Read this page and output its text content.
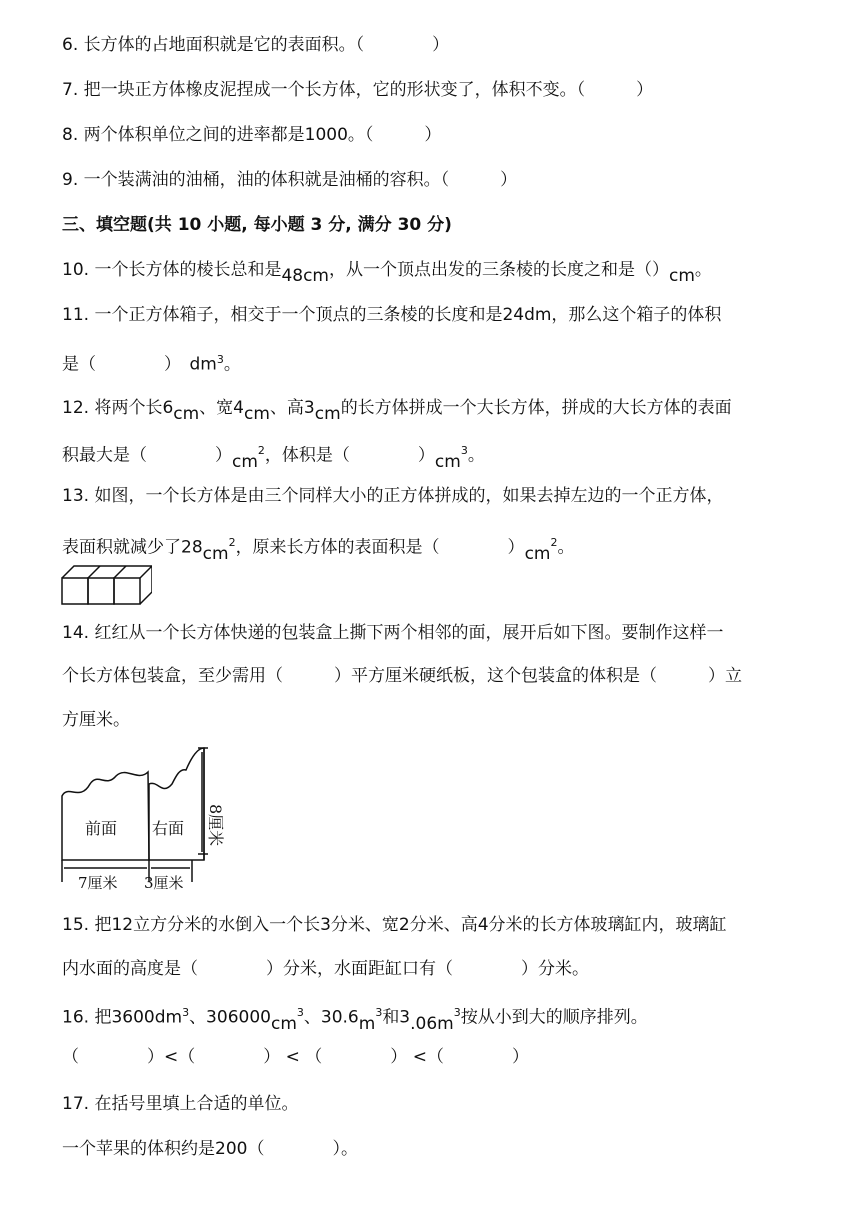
6. 长方体的占地面积就是它的表面积。（　　　　）
7. 把一块正方体橡皮泥捏成一个长方体，它的形状变了，体积不变。（　　　）
8. 两个体积单位之间的进率都是1000。（　　　）
9. 一个装满油的油桶，油的体积就是油桶的容积。（　　　）
三、填空题(共 10 小题, 每小题 3 分, 满分 30 分)
10. 一个长方体的棱长总和是48cm，从一个顶点出发的三条棱的长度之和是（）cm。
11. 一个正方体箱子，相交于一个顶点的三条棱的长度和是24dm，那么这个箱子的体积
是（　　　　）　$dm^3$。
12. 将两个长6cm、宽4cm、高3cm的长方体拼成一个大长方体，拼成的大长方体的表面
积最大是（　　　　）$cm^2$，体积是（　　　　）$cm^3$。
13. 如图，一个长方体是由三个同样大小的正方体拼成的，如果去掉左边的一个正方体，
表面积就减少了$28cm^2$，原来长方体的表面积是（　　　　）$cm^2$。
14. 红红从一个长方体快递的包装盒上撕下两个相邻的面，展开后如下图。要制作这样一
个长方体包装盒，至少需用（　　　）平方厘米硬纸板，这个包装盒的体积是（　　　）立
方厘米。
前面 右面 8厘米
7厘米 3厘米
15. 把12立方分米的水倒入一个长3分米、宽2分米、高4分米的长方体玻璃缸内，玻璃缸
内水面的高度是（　　　　）分米，水面距缸口有（　　　　）分米。
16. 把$3600dm^3$、$306000cm^3$、$30.6m^3$和$3.06m^3$按从小到大的顺序排列。
（　　　　）<（　　　　） < （　　　　） <（　　　　）
17. 在括号里填上合适的单位。
一个苹果的体积约是200（　　　　）。
